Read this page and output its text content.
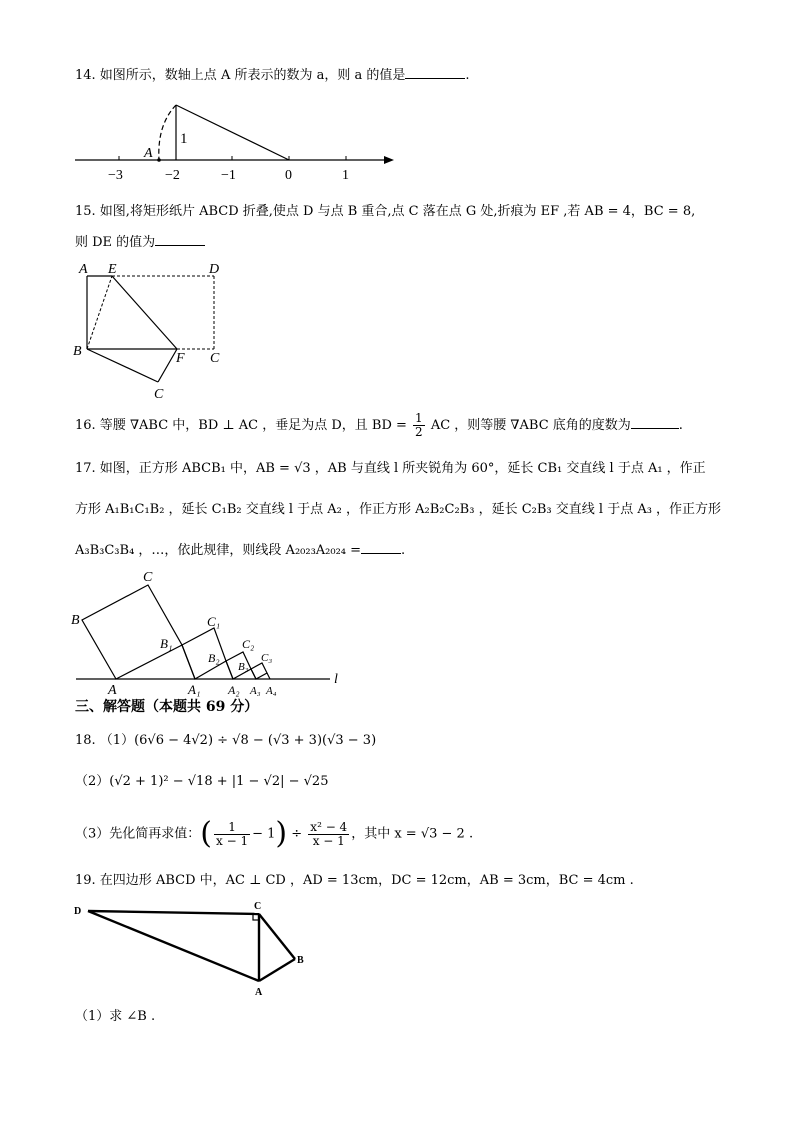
14. 如图所示，数轴上点 A 所表示的数为 a，则 a 的值是	.
A
1
−3	−2	−1	0	1
15. 如图,将矩形纸片 ABCD 折叠,使点 D 与点 B 重合,点 C 落在点 G 处,折痕为 EF ,若 AB = 4，BC = 8,
则 DE 的值为
A E	D
B	F C
C
16. 等腰 ∇ABC 中，BD ⊥ AC ，垂足为点 D，且 BD = $\frac{1}{2}$ AC ，则等腰 ∇ABC 底角的度数为	.
17. 如图，正方形 ABCB₁ 中，AB = √3 ，AB 与直线 l 所夹锐角为 60°，延长 CB₁ 交直线 l 于点 A₁ ，作正
方形 A₁B₁C₁B₂ ，延长 C₁B₂ 交直线 l 于点 A₂ ，作正方形 A₂B₂C₂B₃ ，延长 C₂B₃ 交直线 l 于点 A₃ ，作正方形
A₃B₃C₃B₄ ，…，依此规律，则线段 A₂₀₂₃A₂₀₂₄ =	.
C
B
B₁
C₁
B₂
C₂
B₃
C₃
A	A₁ A₂ A₃ A₄
l
三、解答题（本题共 69 分）
18. （1）(6√6 − 4√2) ÷ √8 − (√3 + 3)(√3 − 3)
（2）(√2 + 1)² − √18 + |1 − √2| − √25
（3）先化简再求值：( $\frac{1}{x - 1} - 1) \div \frac{\text{x² − 4}}{x - 1}$ ，其中 x = √3 − 2 .
19. 在四边形 ABCD 中，AC ⊥ CD ，AD = 13cm，DC = 12cm，AB = 3cm，BC = 4cm .
D	C
B
A
（1）求 ∠B .
